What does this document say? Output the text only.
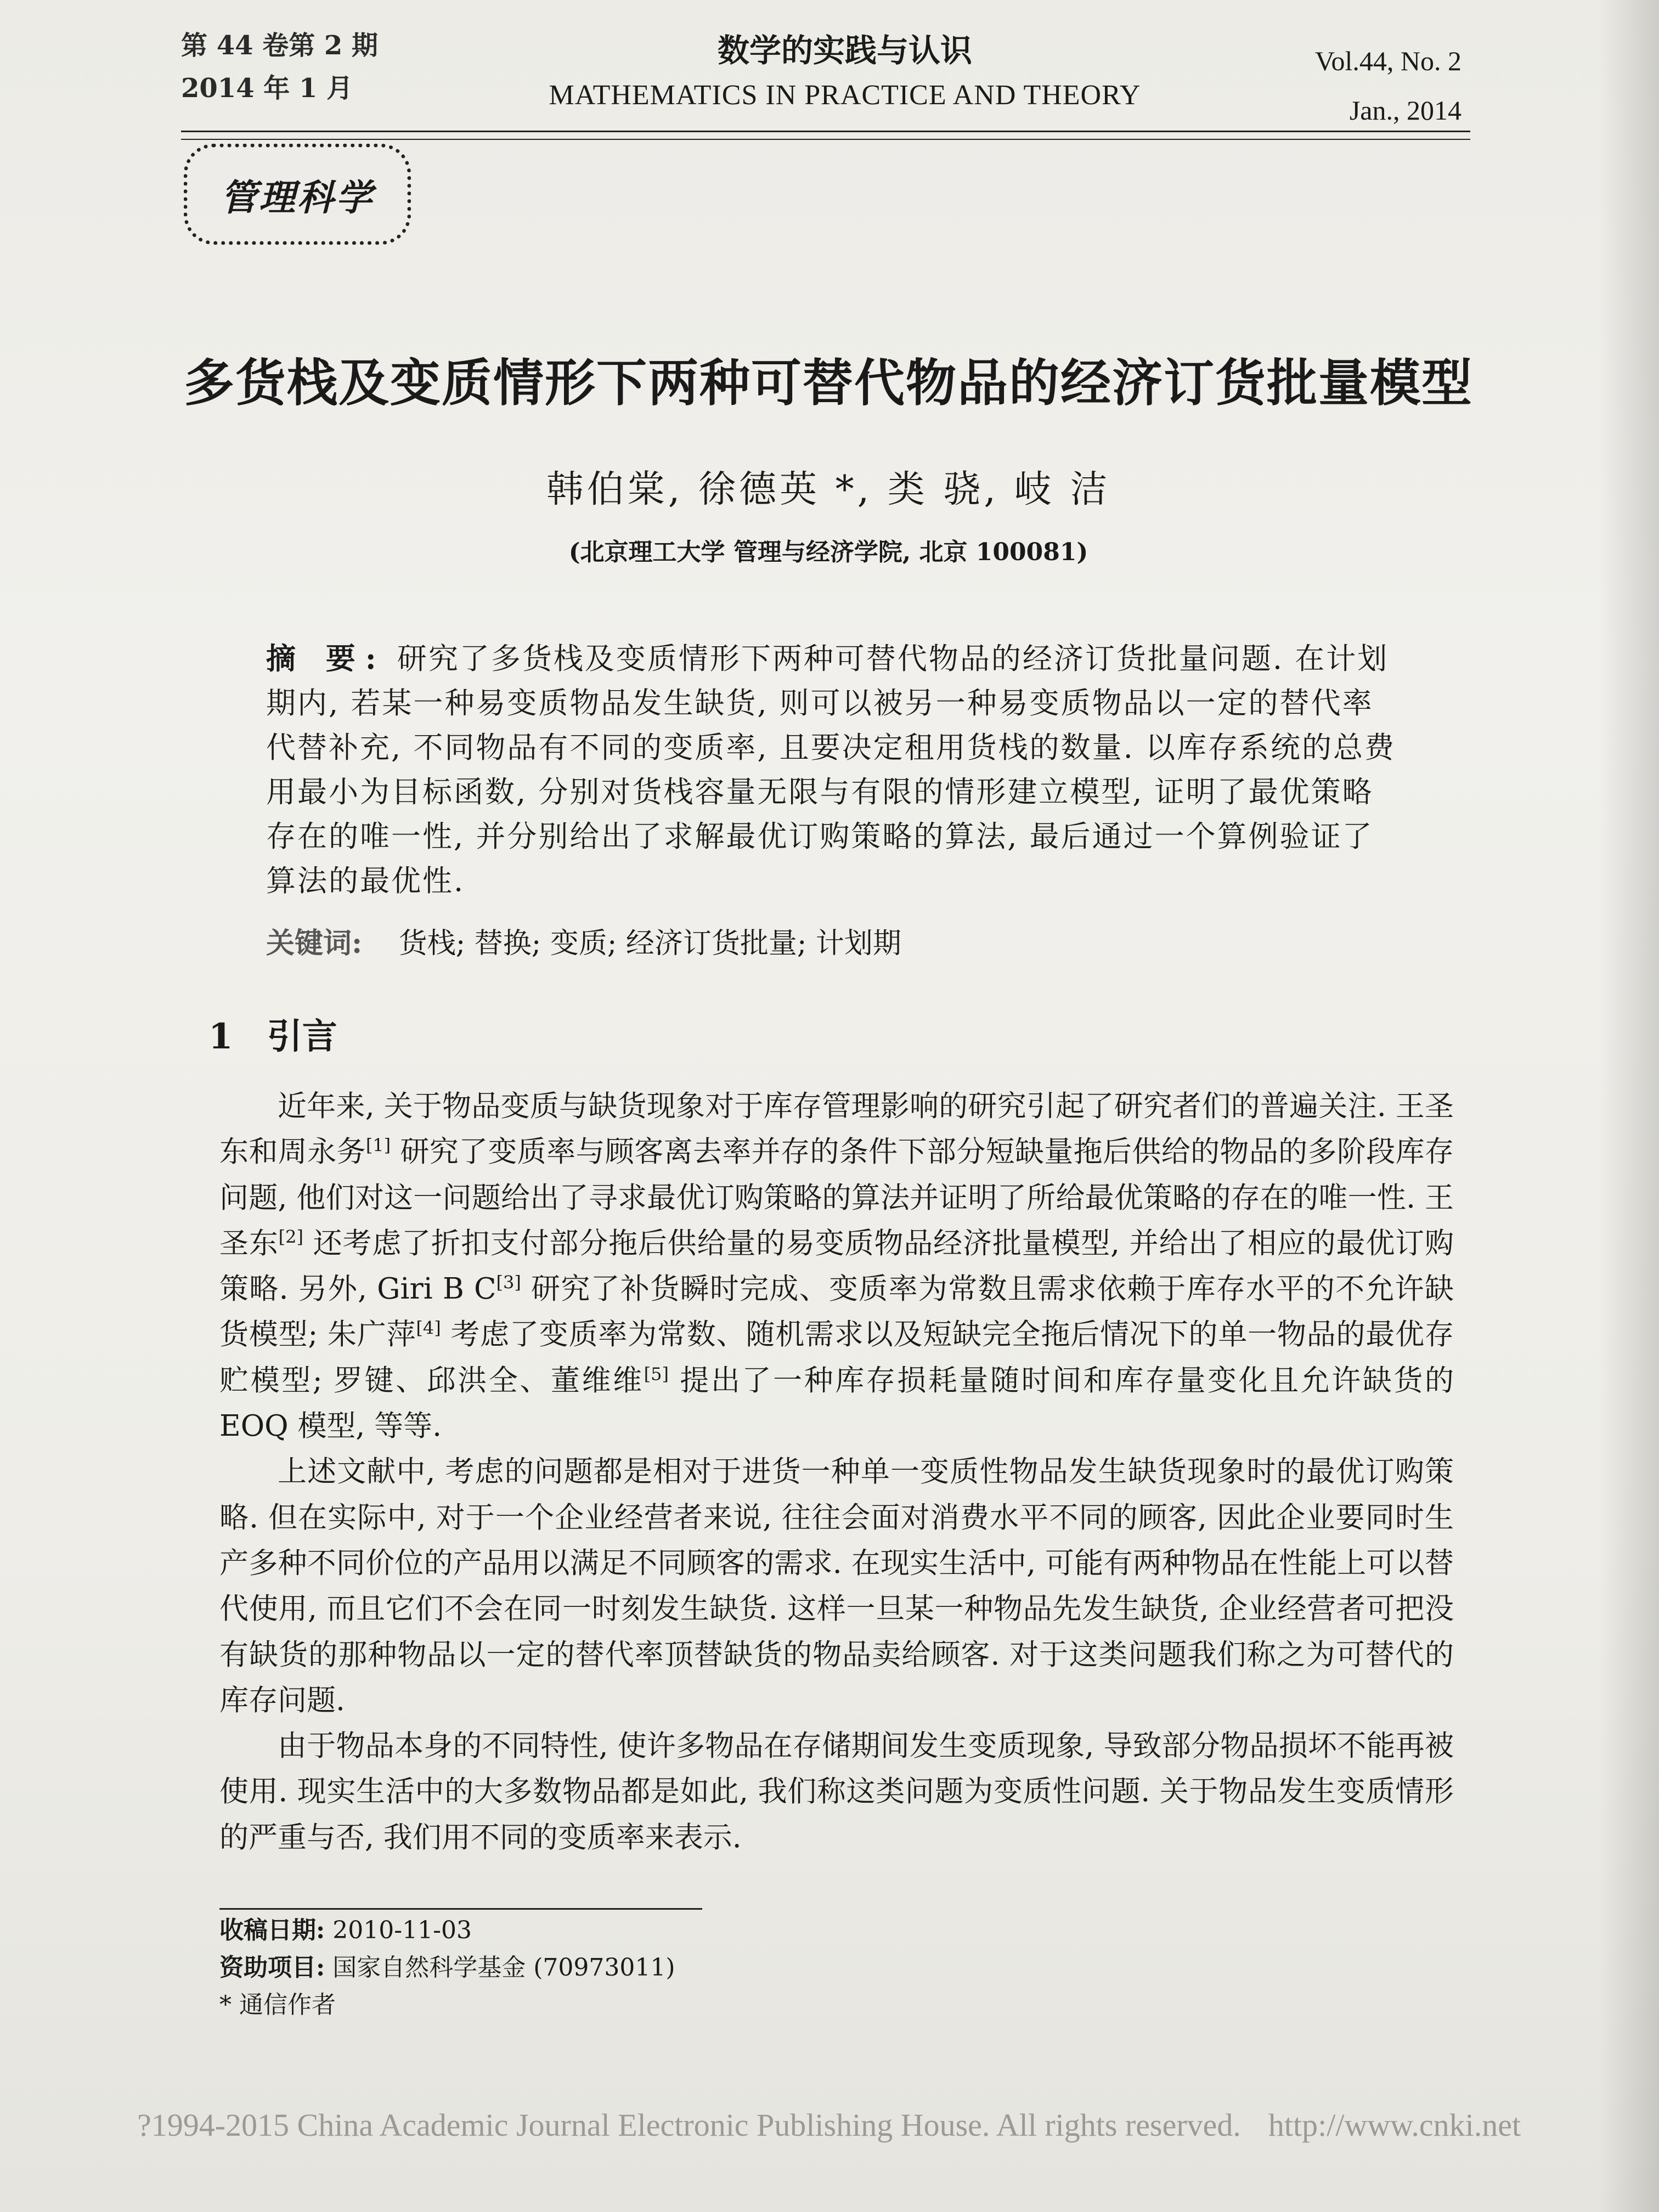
第 44 卷第 2 期
2014 年 1 月
数学的实践与认识
MATHEMATICS IN PRACTICE AND THEORY
Vol.44, No. 2
Jan., 2014
管理科学
多货栈及变质情形下两种可替代物品的经济订货批量模型
韩伯棠, 徐德英 *, 类 骁, 岐 洁
(北京理工大学 管理与经济学院, 北京 100081)
摘 要: 研究了多货栈及变质情形下两种可替代物品的经济订货批量问题. 在计划期内, 若某一种易变质物品发生缺货, 则可以被另一种易变质物品以一定的替代率代替补充, 不同物品有不同的变质率, 且要决定租用货栈的数量. 以库存系统的总费用最小为目标函数, 分别对货栈容量无限与有限的情形建立模型, 证明了最优策略存在的唯一性, 并分别给出了求解最优订购策略的算法, 最后通过一个算例验证了算法的最优性.
关键词: 货栈; 替换; 变质; 经济订货批量; 计划期
1 引言

近年来, 关于物品变质与缺货现象对于库存管理影响的研究引起了研究者们的普遍关注. 王圣东和周永务[1] 研究了变质率与顾客离去率并存的条件下部分短缺量拖后供给的物品的多阶段库存问题, 他们对这一问题给出了寻求最优订购策略的算法并证明了所给最优策略的存在的唯一性. 王圣东[2] 还考虑了折扣支付部分拖后供给量的易变质物品经济批量模型, 并给出了相应的最优订购策略. 另外, Giri B C[3] 研究了补货瞬时完成、变质率为常数且需求依赖于库存水平的不允许缺货模型; 朱广萍[4] 考虑了变质率为常数、随机需求以及短缺完全拖后情况下的单一物品的最优存贮模型; 罗键、邱洪全、董维维[5] 提出了一种库存损耗量随时间和库存量变化且允许缺货的 EOQ 模型, 等等.

上述文献中, 考虑的问题都是相对于进货一种单一变质性物品发生缺货现象时的最优订购策略. 但在实际中, 对于一个企业经营者来说, 往往会面对消费水平不同的顾客, 因此企业要同时生产多种不同价位的产品用以满足不同顾客的需求. 在现实生活中, 可能有两种物品在性能上可以替代使用, 而且它们不会在同一时刻发生缺货. 这样一旦某一种物品先发生缺货, 企业经营者可把没有缺货的那种物品以一定的替代率顶替缺货的物品卖给顾客. 对于这类问题我们称之为可替代的库存问题.

由于物品本身的不同特性, 使许多物品在存储期间发生变质现象, 导致部分物品损坏不能再被使用. 现实生活中的大多数物品都是如此, 我们称这类问题为变质性问题. 关于物品发生变质情形的严重与否, 我们用不同的变质率来表示.

收稿日期: 2010-11-03
资助项目: 国家自然科学基金 (70973011)
* 通信作者
?1994-2015 China Academic Journal Electronic Publishing House. All rights reserved. http://www.cnki.net
